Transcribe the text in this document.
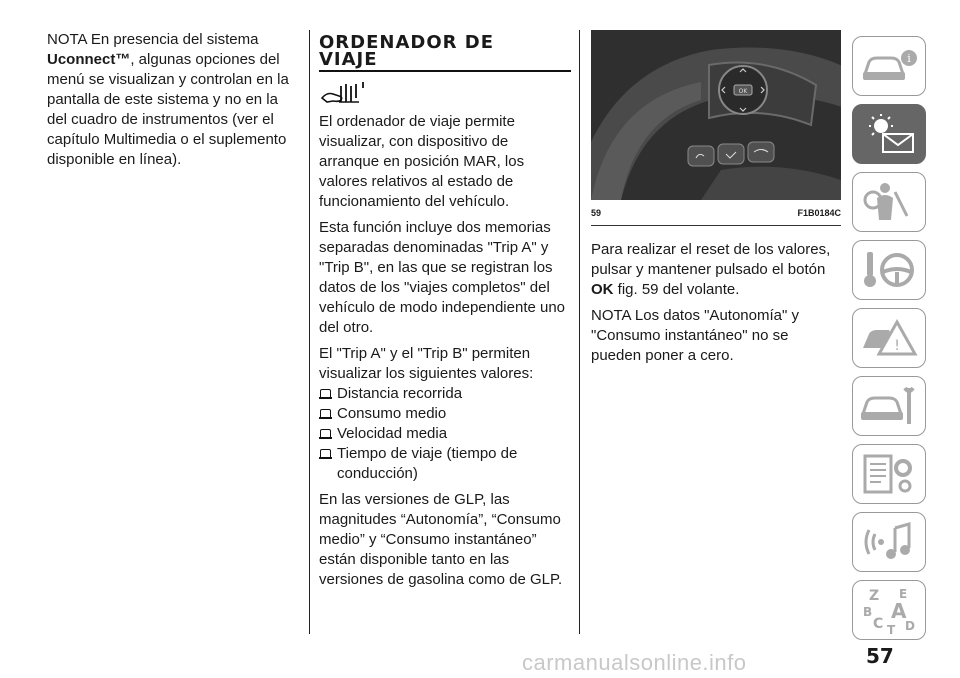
NOTA En presencia del sistema
Uconnect™, algunas opciones del menú se visualizan y controlan en la pantalla de este sistema y no en la del cuadro de instrumentos (ver el capítulo Multimedia o el suplemento disponible en línea).

ORDENADOR DE
VIAJE

El ordenador de viaje permite visualizar, con dispositivo de arranque en posición MAR, los valores relativos al estado de funcionamiento del vehículo.

Esta función incluye dos memorias separadas denominadas "Trip A" y "Trip B", en las que se registran los datos de los "viajes completos" del vehículo de modo independiente uno del otro.

El "Trip A" y el "Trip B" permiten visualizar los siguientes valores:

Distancia recorrida
Consumo medio
Velocidad media
Tiempo de viaje (tiempo de conducción)

En las versiones de GLP, las magnitudes “Autonomía”, “Consumo medio” y “Consumo instantáneo” están disponible tanto en las versiones de gasolina como de GLP.

OK
59	F1B0184C

Para realizar el reset de los valores, pulsar y mantener pulsado el botón OK fig. 59 del volante.

NOTA Los datos "Autonomía" y "Consumo instantáneo" no se pueden poner a cero.

i
!
Z E
B A
C T D
57
carmanualsonline.info
